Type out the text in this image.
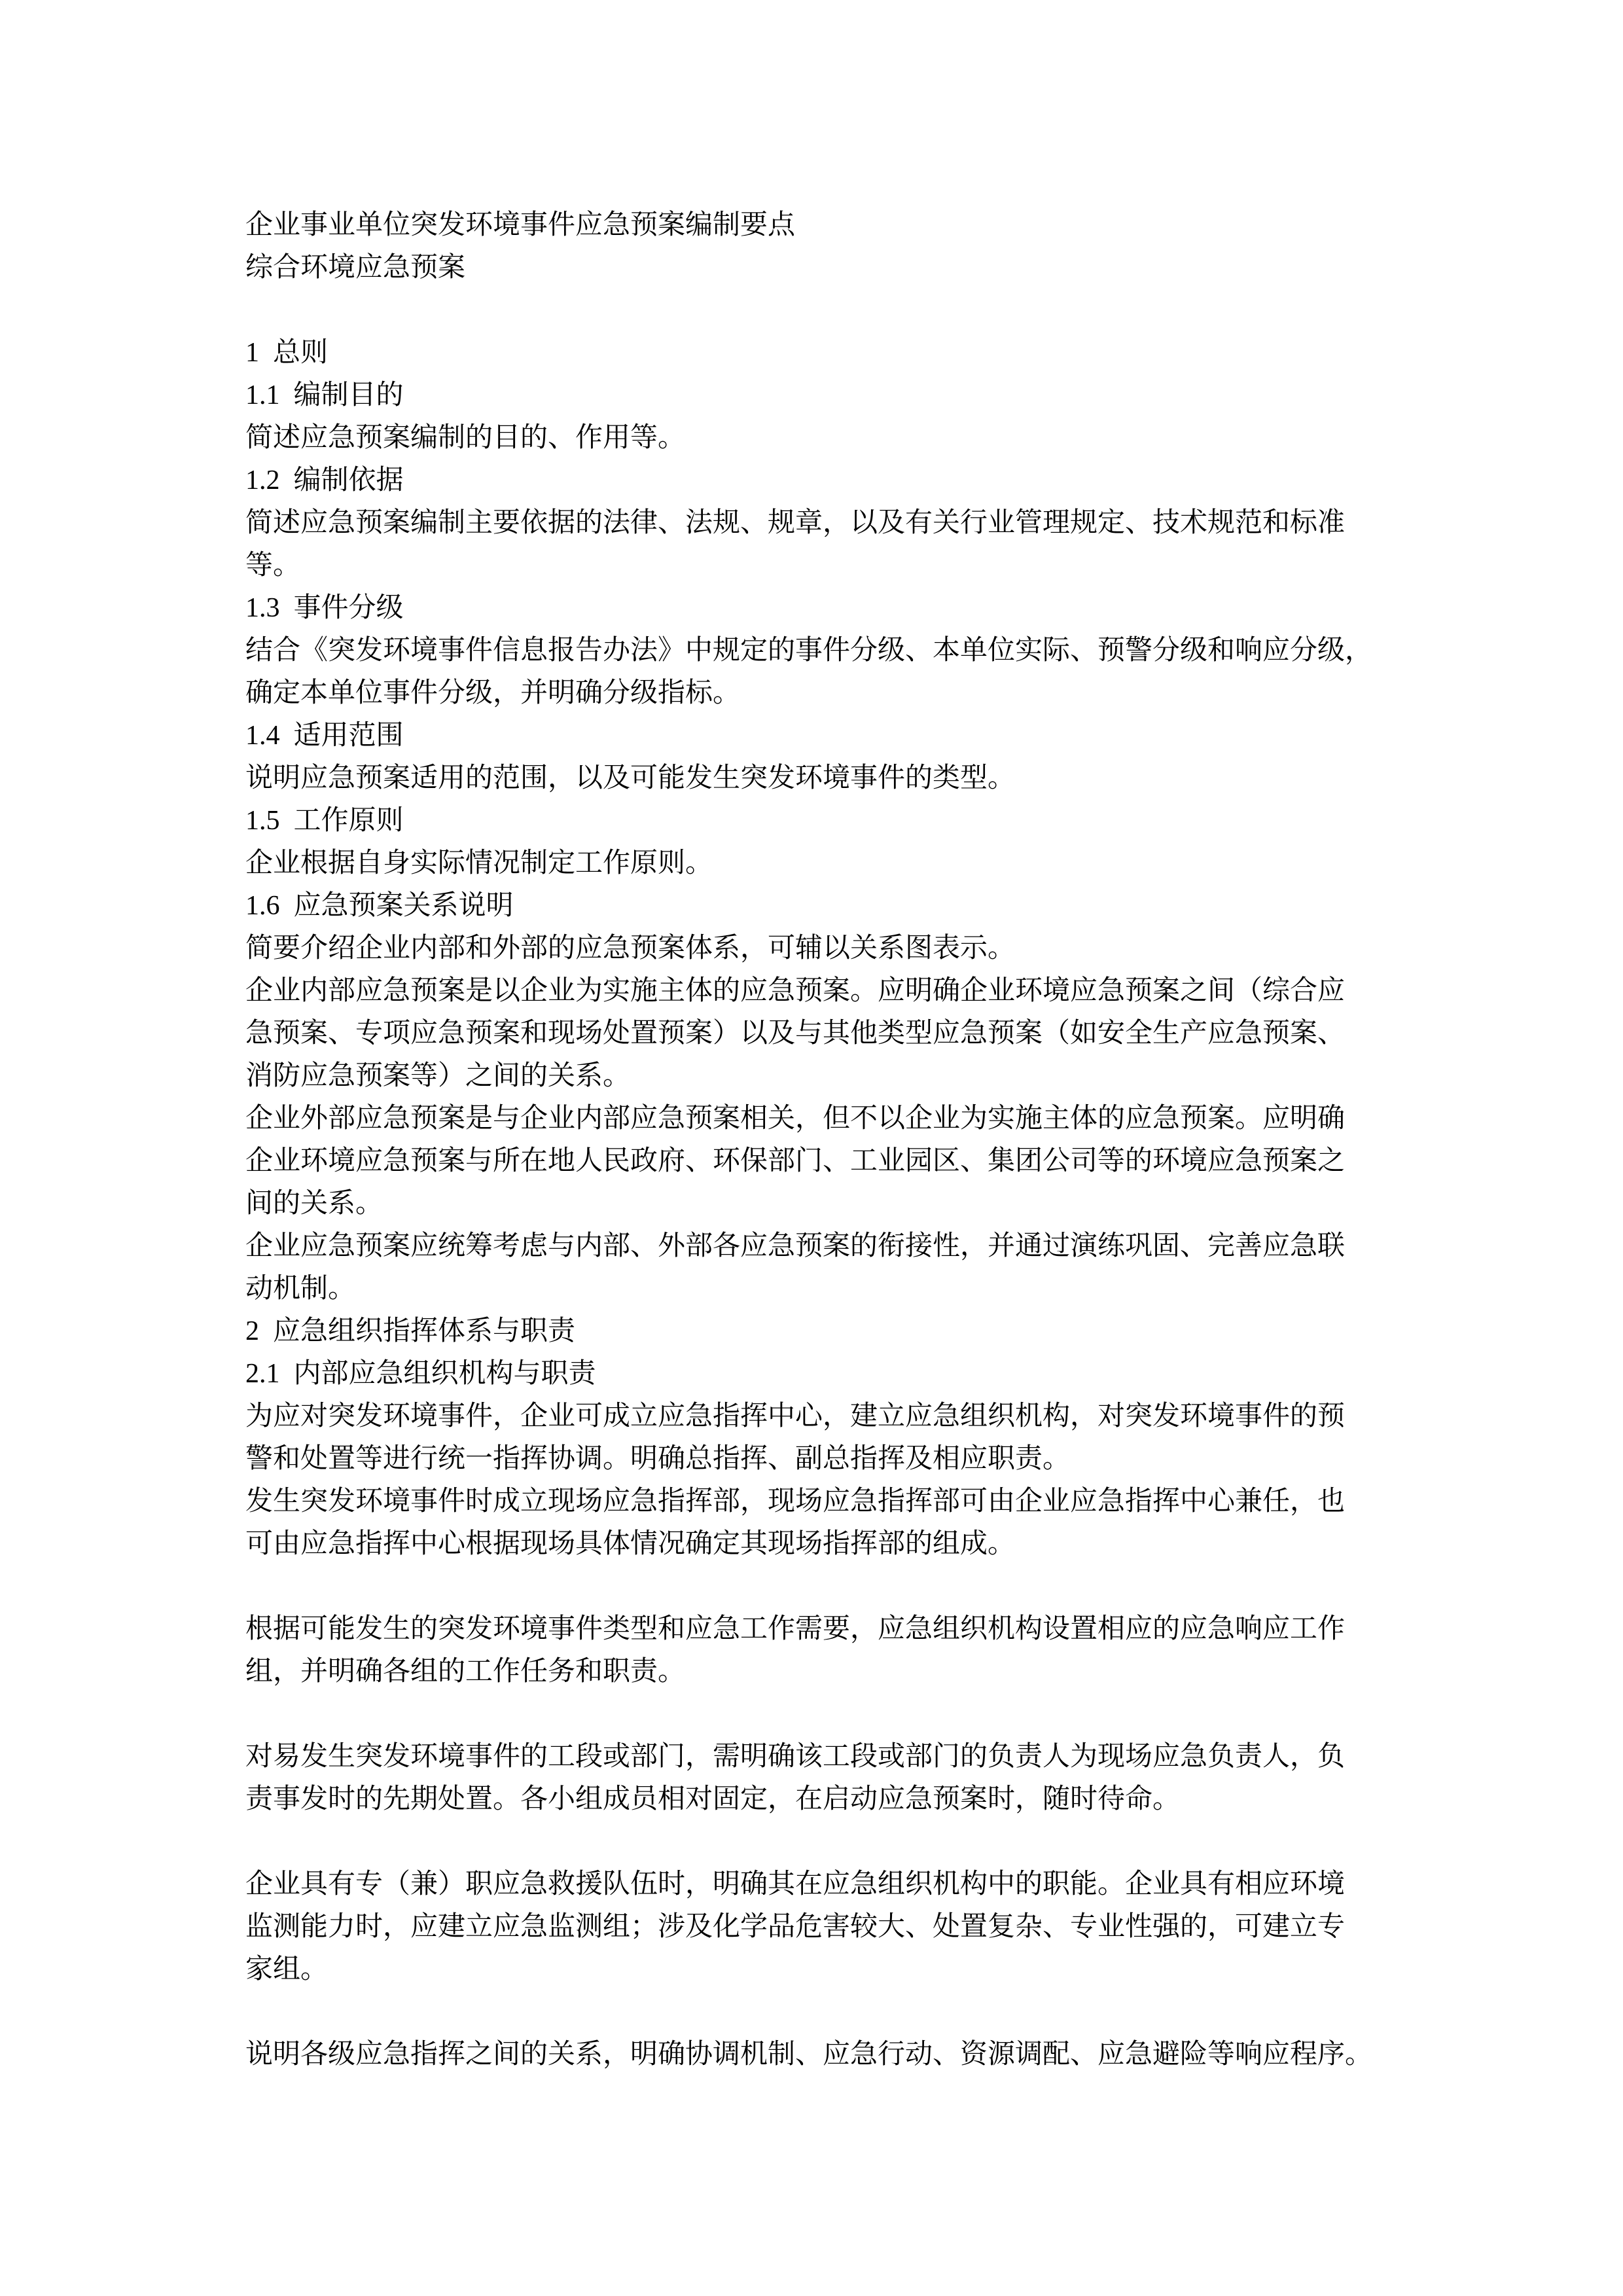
企业事业单位突发环境事件应急预案编制要点
综合环境应急预案
1  总则
1.1  编制目的
简述应急预案编制的目的、作用等。
1.2  编制依据
简述应急预案编制主要依据的法律、法规、规章，以及有关行业管理规定、技术规范和标准
等。
1.3  事件分级
结合《突发环境事件信息报告办法》中规定的事件分级、本单位实际、预警分级和响应分级，
确定本单位事件分级，并明确分级指标。
1.4  适用范围
说明应急预案适用的范围，以及可能发生突发环境事件的类型。
1.5  工作原则
企业根据自身实际情况制定工作原则。
1.6  应急预案关系说明
简要介绍企业内部和外部的应急预案体系，可辅以关系图表示。
企业内部应急预案是以企业为实施主体的应急预案。应明确企业环境应急预案之间（综合应
急预案、专项应急预案和现场处置预案）以及与其他类型应急预案（如安全生产应急预案、
消防应急预案等）之间的关系。
企业外部应急预案是与企业内部应急预案相关，但不以企业为实施主体的应急预案。应明确
企业环境应急预案与所在地人民政府、环保部门、工业园区、集团公司等的环境应急预案之
间的关系。
企业应急预案应统筹考虑与内部、外部各应急预案的衔接性，并通过演练巩固、完善应急联
动机制。
2  应急组织指挥体系与职责
2.1  内部应急组织机构与职责
为应对突发环境事件，企业可成立应急指挥中心，建立应急组织机构，对突发环境事件的预
警和处置等进行统一指挥协调。明确总指挥、副总指挥及相应职责。
发生突发环境事件时成立现场应急指挥部，现场应急指挥部可由企业应急指挥中心兼任，也
可由应急指挥中心根据现场具体情况确定其现场指挥部的组成。
根据可能发生的突发环境事件类型和应急工作需要，应急组织机构设置相应的应急响应工作
组，并明确各组的工作任务和职责。
对易发生突发环境事件的工段或部门，需明确该工段或部门的负责人为现场应急负责人，负
责事发时的先期处置。各小组成员相对固定，在启动应急预案时，随时待命。
企业具有专（兼）职应急救援队伍时，明确其在应急组织机构中的职能。企业具有相应环境
监测能力时，应建立应急监测组；涉及化学品危害较大、处置复杂、专业性强的，可建立专
家组。
说明各级应急指挥之间的关系，明确协调机制、应急行动、资源调配、应急避险等响应程序。
